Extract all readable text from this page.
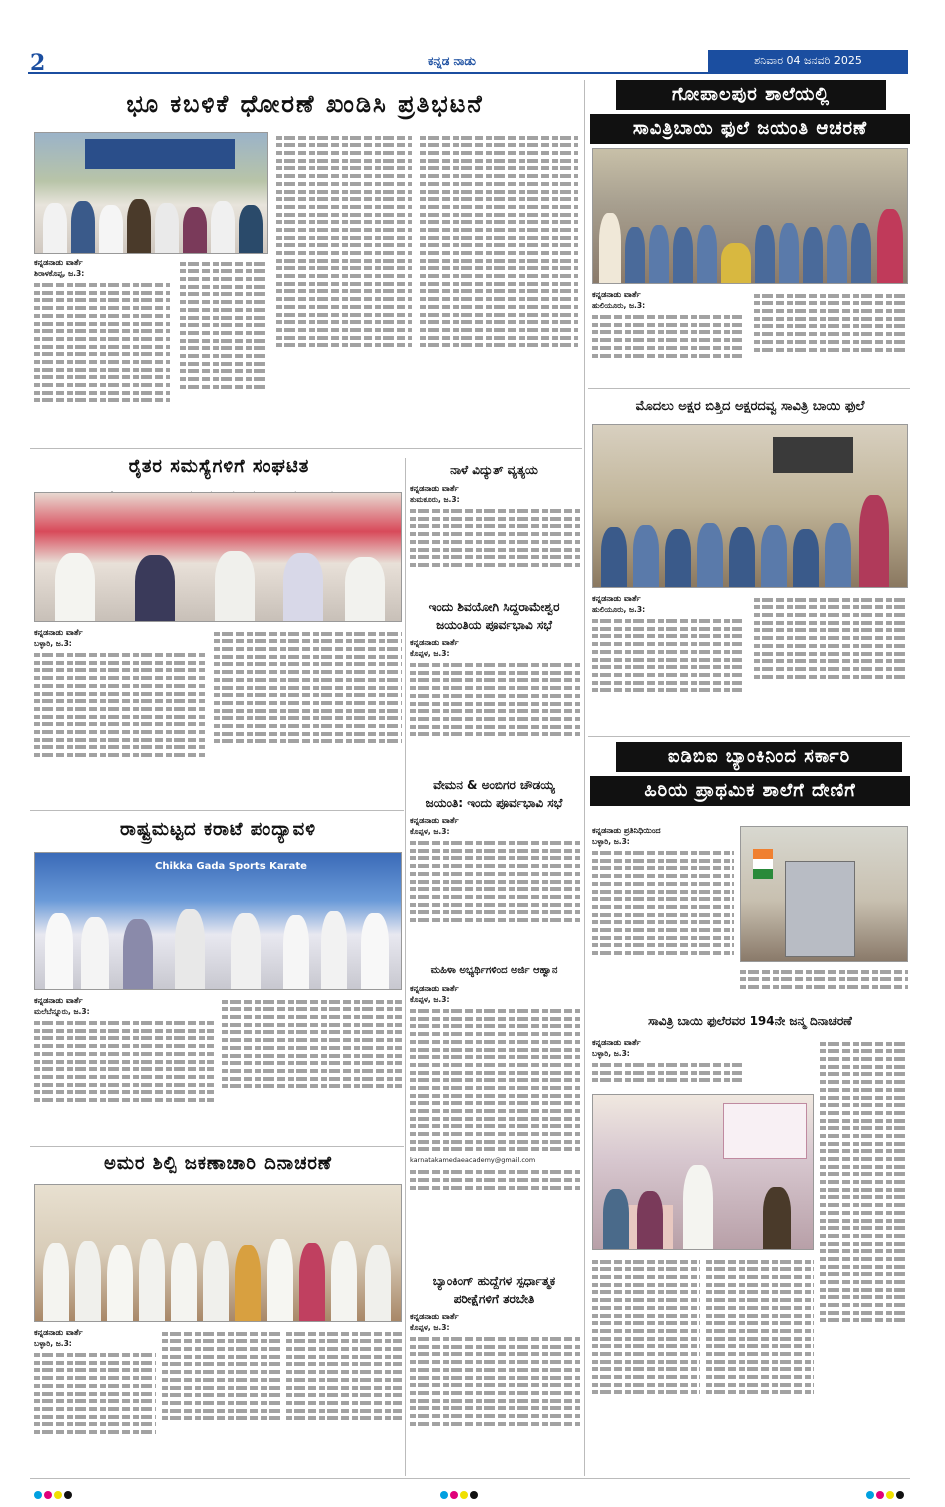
2	ಕನ್ನಡ ನಾಡು	ಶನಿವಾರ 04 ಜನವರಿ 2025
ಭೂ ಕಬಳಿಕೆ ಧೋರಣೆ ಖಂಡಿಸಿ ಪ್ರತಿಭಟನೆ
ಕನ್ನಡನಾಡು ವಾರ್ತೆ
ಶಿರಾಳಕೊಪ್ಪ, ಜ.3:
ಗೋಪಾಲಪುರ ಶಾಲೆಯಲ್ಲಿ
ಸಾವಿತ್ರಿಬಾಯಿ ಫುಲೆ ಜಯಂತಿ ಆಚರಣೆ
ಕನ್ನಡನಾಡು ವಾರ್ತೆ
ಹುಲಿಯೂರು, ಜ.3:
ಮೊದಲು ಅಕ್ಷರ ಬಿತ್ತಿದ ಅಕ್ಷರದವ್ವ ಸಾವಿತ್ರಿ ಬಾಯಿ ಫುಲೆ
ಕನ್ನಡನಾಡು ವಾರ್ತೆ
ಹುಲಿಯೂರು, ಜ.3:
ರೈತರ ಸಮಸ್ಯೆಗಳಿಗೆ ಸಂಘಟಿತ
ಕನ್ನಡನಾಡು ವಾರ್ತೆ
ಬಳ್ಳಾರಿ, ಜ.3:
ನಾಳೆ ವಿದ್ಯುತ್ ವ್ಯತ್ಯಯ
ಕನ್ನಡನಾಡು ವಾರ್ತೆ
ತುಮಕೂರು, ಜ.3:
ಇಂದು ಶಿವಯೋಗಿ ಸಿದ್ದರಾಮೇಶ್ವರ
ಜಯಂತಿಯ ಪೂರ್ವಭಾವಿ ಸಭೆ
ಕನ್ನಡನಾಡು ವಾರ್ತೆ
ಕೊಪ್ಪಳ, ಜ.3:
ವೇಮನ & ಅಂಬಿಗರ ಚೌಡಯ್ಯ
ಜಯಂತಿ: ಇಂದು ಪೂರ್ವಭಾವಿ ಸಭೆ
ಕನ್ನಡನಾಡು ವಾರ್ತೆ
ಕೊಪ್ಪಳ, ಜ.3:
ಮಹಿಳಾ ಅಭ್ಯರ್ಥಿಗಳಿಂದ ಅರ್ಜಿ ಆಹ್ವಾನ
ಕನ್ನಡನಾಡು ವಾರ್ತೆ
ಕೊಪ್ಪಳ, ಜ.3:
karnatakamedaeacademy@gmail.com
ಬ್ಯಾಂಕಿಂಗ್ ಹುದ್ದೆಗಳ ಸ್ಪರ್ಧಾತ್ಮಕ
ಪರೀಕ್ಷೆಗಳಿಗೆ ತರಬೇತಿ
ಕನ್ನಡನಾಡು ವಾರ್ತೆ
ಕೊಪ್ಪಳ, ಜ.3:
ರಾಷ್ಟ್ರಮಟ್ಟದ ಕರಾಟೆ ಪಂದ್ಯಾವಳಿ
Chikka Gada Sports Karate
ಕನ್ನಡನಾಡು ವಾರ್ತೆ
ಮಲೆಬೆನ್ನೂರು, ಜ.3:
ಅಮರ ಶಿಲ್ಪಿ ಜಕಣಾಚಾರಿ ದಿನಾಚರಣೆ
ಕನ್ನಡನಾಡು ವಾರ್ತೆ
ಬಳ್ಳಾರಿ, ಜ.3:
ಐಡಿಬಿಐ ಬ್ಯಾಂಕಿನಿಂದ ಸರ್ಕಾರಿ
ಹಿರಿಯ ಪ್ರಾಥಮಿಕ ಶಾಲೆಗೆ ದೇಣಿಗೆ
ಕನ್ನಡನಾಡು ಪ್ರತಿನಿಧಿಯಿಂದ
ಬಳ್ಳಾರಿ, ಜ.3:
ಸಾವಿತ್ರಿ ಬಾಯಿ ಫುಲೆರವರ 194ನೇ ಜನ್ಮ ದಿನಾಚರಣೆ
ಕನ್ನಡನಾಡು ವಾರ್ತೆ
ಬಳ್ಳಾರಿ, ಜ.3:
